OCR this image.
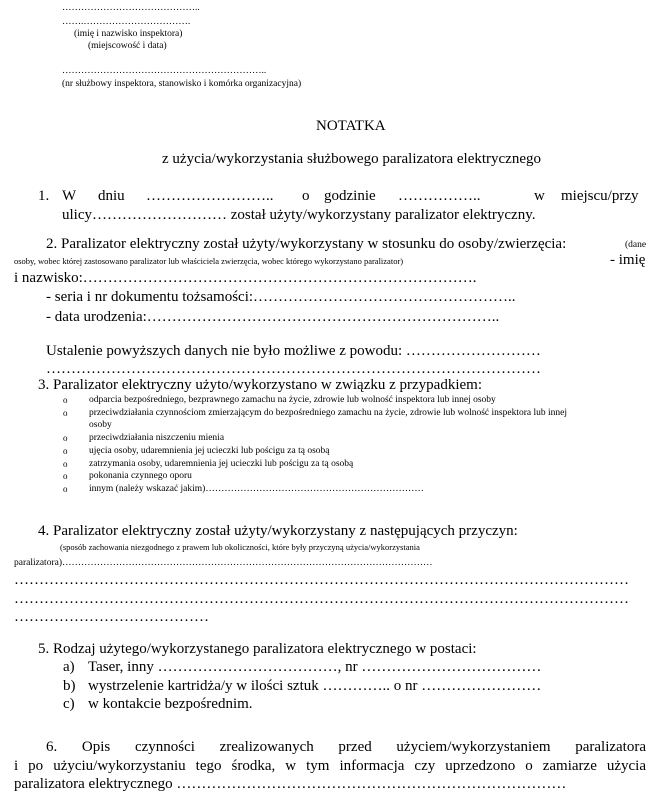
……………………………………..
…….…………………………….
(imię i nazwisko inspektora)
(miejscowość i data)
………………………………………………………..
(nr służbowy inspektora, stanowisko i komórka organizacyjna)
NOTATKA
z użycia/wykorzystania służbowego paralizatora elektrycznego
1. W dniu …………………….. o godzinie ……………..	w miejscu/przy
ulicy……………………… został użyty/wykorzystany paralizator elektryczny.
2. Paralizator elektryczny został użyty/wykorzystany w stosunku do osoby/zwierzęcia:	(dane
osoby, wobec której zastosowano paralizator lub właściciela zwierzęcia, wobec którego wykorzystano paralizator)	- imię
i nazwisko:…………………………………………………………………….
- seria i nr dokumentu tożsamości:……………………………………………..
- data urodzenia:……………………………………………………………..
Ustalenie powyższych danych nie było możliwe z powodu: ………………………
………………………………………………………………………………………
3. Paralizator elektryczny użyto/wykorzystano w związku z przypadkiem:
o odparcia bezpośredniego, bezprawnego zamachu na życie, zdrowie lub wolność inspektora lub innej osoby
o przeciwdziałania czynnościom zmierzającym do bezpośredniego zamachu na życie, zdrowie lub wolność inspektora lub innej
osoby
o przeciwdziałania niszczeniu mienia
o ujęcia osoby, udaremnienia jej ucieczki lub pościgu za tą osobą
o zatrzymania osoby, udaremnienia jej ucieczki lub pościgu za tą osobą
o pokonania czynnego oporu
o innym (należy wskazać jakim)……………………………………………………………
4. Paralizator elektryczny został użyty/wykorzystany z następujących przyczyn:
(sposób zachowania niezgodnego z prawem lub okoliczności, które były przyczyną użycia/wykorzystania
paralizatora)………………………………………………………………………………………………………
……………………………………………………………………………………………………………
……………………………………………………………………………………………………………
…………………………………
5. Rodzaj użytego/wykorzystanego paralizatora elektrycznego w postaci:
a) Taser, inny ………………………………, nr ………………………………
b) wystrzelenie kartridża/y w ilości sztuk ………….. o nr ……………………
c) w kontakcie bezpośrednim.
6. Opis czynności zrealizowanych przed użyciem/wykorzystaniem paralizatora
i po użyciu/wykorzystaniu tego środka, w tym informacja czy uprzedzono o zamiarze użycia
paralizatora elektrycznego ……………………………………………………………………
